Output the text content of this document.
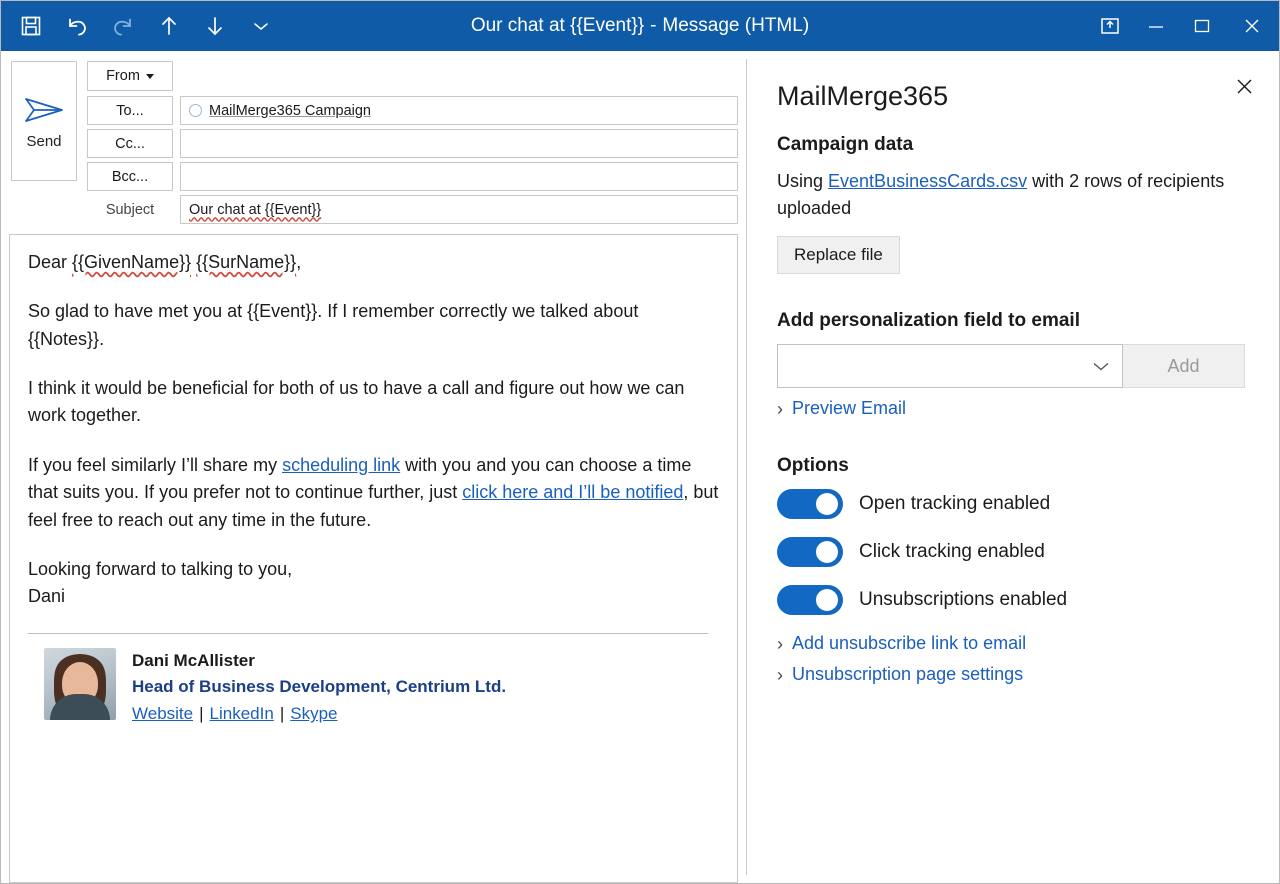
Our chat at {{Event}} - Message (HTML)
Send
From
To...	MailMerge365 Campaign
Cc...
Bcc...
Subject	Our chat at {{Event}}

Dear {{GivenName}} {{SurName}},

So glad to have met you at {{Event}}. If I remember correctly we talked about {{Notes}}.

I think it would be beneficial for both of us to have a call and figure out how we can work together.

If you feel similarly I’ll share my scheduling link with you and you can choose a time that suits you. If you prefer not to continue further, just click here and I’ll be notified, but feel free to reach out any time in the future.

Looking forward to talking to you,
Dani

Dani McAllister
Head of Business Development, Centrium Ltd.
Website | LinkedIn | Skype
MailMerge365
Campaign data
Using EventBusinessCards.csv with 2 rows of recipients uploaded
Replace file
Add personalization field to email
Add
› Preview Email
Options
Open tracking enabled
Click tracking enabled
Unsubscriptions enabled
› Add unsubscribe link to email
› Unsubscription page settings
